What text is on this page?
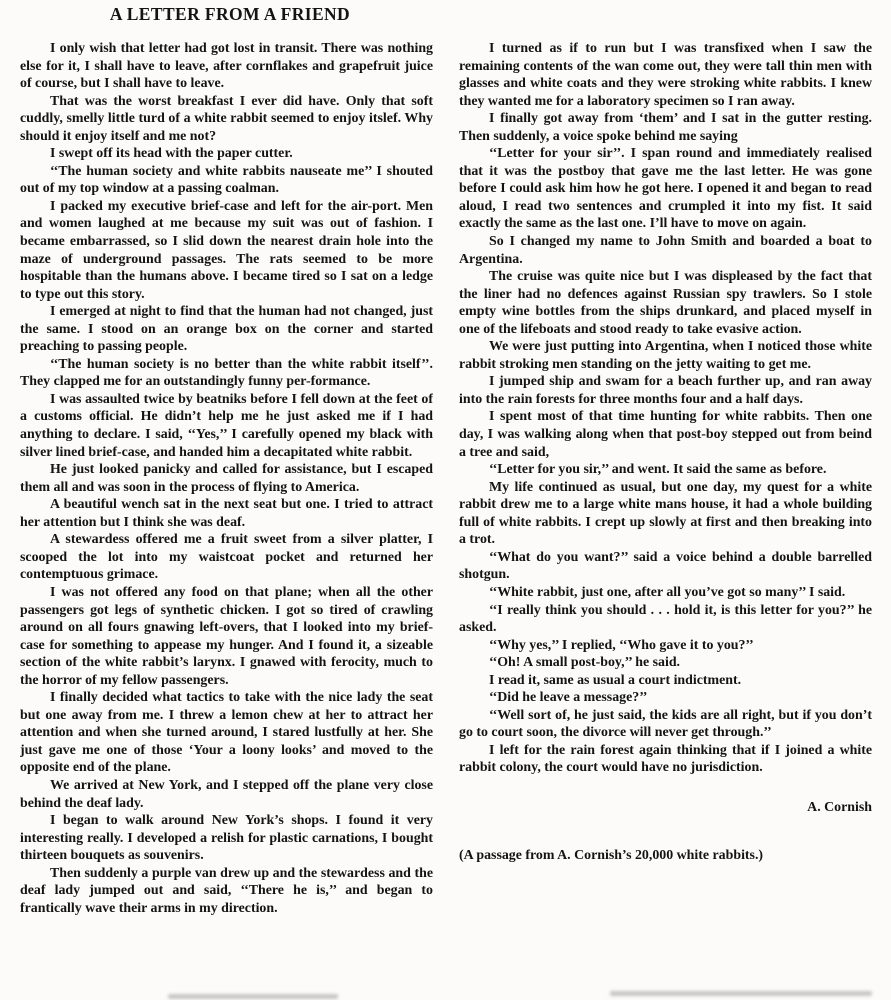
A LETTER FROM A FRIEND

I only wish that letter had got lost in transit. There was nothing else for it, I shall have to leave, after cornflakes and grapefruit juice of course, but I shall have to leave.

That was the worst breakfast I ever did have. Only that soft cuddly, smelly little turd of a white rabbit seemed to enjoy itslef. Why should it enjoy itself and me not?

I swept off its head with the paper cutter.

‘‘The human society and white rabbits nauseate me’’ I shouted out of my top window at a passing coalman.

I packed my executive brief-case and left for the air-port. Men and women laughed at me because my suit was out of fashion. I became embarrassed, so I slid down the nearest drain hole into the maze of underground passages. The rats seemed to be more hospitable than the humans above. I became tired so I sat on a ledge to type out this story.

I emerged at night to find that the human had not changed, just the same. I stood on an orange box on the corner and started preaching to passing people.

‘‘The human society is no better than the white rabbit itself’’. They clapped me for an outstandingly funny per-formance.

I was assaulted twice by beatniks before I fell down at the feet of a customs official. He didn’t help me he just asked me if I had anything to declare. I said, ‘‘Yes,’’ I carefully opened my black with silver lined brief-case, and handed him a decapitated white rabbit.

He just looked panicky and called for assistance, but I escaped them all and was soon in the process of flying to America.

A beautiful wench sat in the next seat but one. I tried to attract her attention but I think she was deaf.

A stewardess offered me a fruit sweet from a silver platter, I scooped the lot into my waistcoat pocket and returned her contemptuous grimace.

I was not offered any food on that plane; when all the other passengers got legs of synthetic chicken. I got so tired of crawling around on all fours gnawing left-overs, that I looked into my brief-case for something to appease my hunger. And I found it, a sizeable section of the white rabbit’s larynx. I gnawed with ferocity, much to the horror of my fellow passengers.

I finally decided what tactics to take with the nice lady the seat but one away from me. I threw a lemon chew at her to attract her attention and when she turned around, I stared lustfully at her. She just gave me one of those ‘Your a loony looks’ and moved to the opposite end of the plane.

We arrived at New York, and I stepped off the plane very close behind the deaf lady.

I began to walk around New York’s shops. I found it very interesting really. I developed a relish for plastic carnations, I bought thirteen bouquets as souvenirs.

Then suddenly a purple van drew up and the stewardess and the deaf lady jumped out and said, ‘‘There he is,’’ and began to frantically wave their arms in my direction.

I turned as if to run but I was transfixed when I saw the remaining contents of the wan come out, they were tall thin men with glasses and white coats and they were stroking white rabbits. I knew they wanted me for a laboratory specimen so I ran away.

I finally got away from ‘them’ and I sat in the gutter resting. Then suddenly, a voice spoke behind me saying

‘‘Letter for your sir’’. I span round and immediately realised that it was the postboy that gave me the last letter. He was gone before I could ask him how he got here. I opened it and began to read aloud, I read two sentences and crumpled it into my fist. It said exactly the same as the last one. I’ll have to move on again.

So I changed my name to John Smith and boarded a boat to Argentina.

The cruise was quite nice but I was displeased by the fact that the liner had no defences against Russian spy trawlers. So I stole empty wine bottles from the ships drunkard, and placed myself in one of the lifeboats and stood ready to take evasive action.

We were just putting into Argentina, when I noticed those white rabbit stroking men standing on the jetty waiting to get me.

I jumped ship and swam for a beach further up, and ran away into the rain forests for three months four and a half days.

I spent most of that time hunting for white rabbits. Then one day, I was walking along when that post-boy stepped out from beind a tree and said,

‘‘Letter for you sir,’’ and went. It said the same as before.

My life continued as usual, but one day, my quest for a white rabbit drew me to a large white mans house, it had a whole building full of white rabbits. I crept up slowly at first and then breaking into a trot.

‘‘What do you want?’’ said a voice behind a double barrelled shotgun.

‘‘White rabbit, just one, after all you’ve got so many’’ I said.

‘‘I really think you should . . . hold it, is this letter for you?’’ he asked.

‘‘Why yes,’’ I replied, ‘‘Who gave it to you?’’

‘‘Oh! A small post-boy,’’ he said.

I read it, same as usual a court indictment.

‘‘Did he leave a message?’’

‘‘Well sort of, he just said, the kids are all right, but if you don’t go to court soon, the divorce will never get through.’’

I left for the rain forest again thinking that if I joined a white rabbit colony, the court would have no jurisdiction.

A. Cornish

(A passage from A. Cornish’s 20,000 white rabbits.)
